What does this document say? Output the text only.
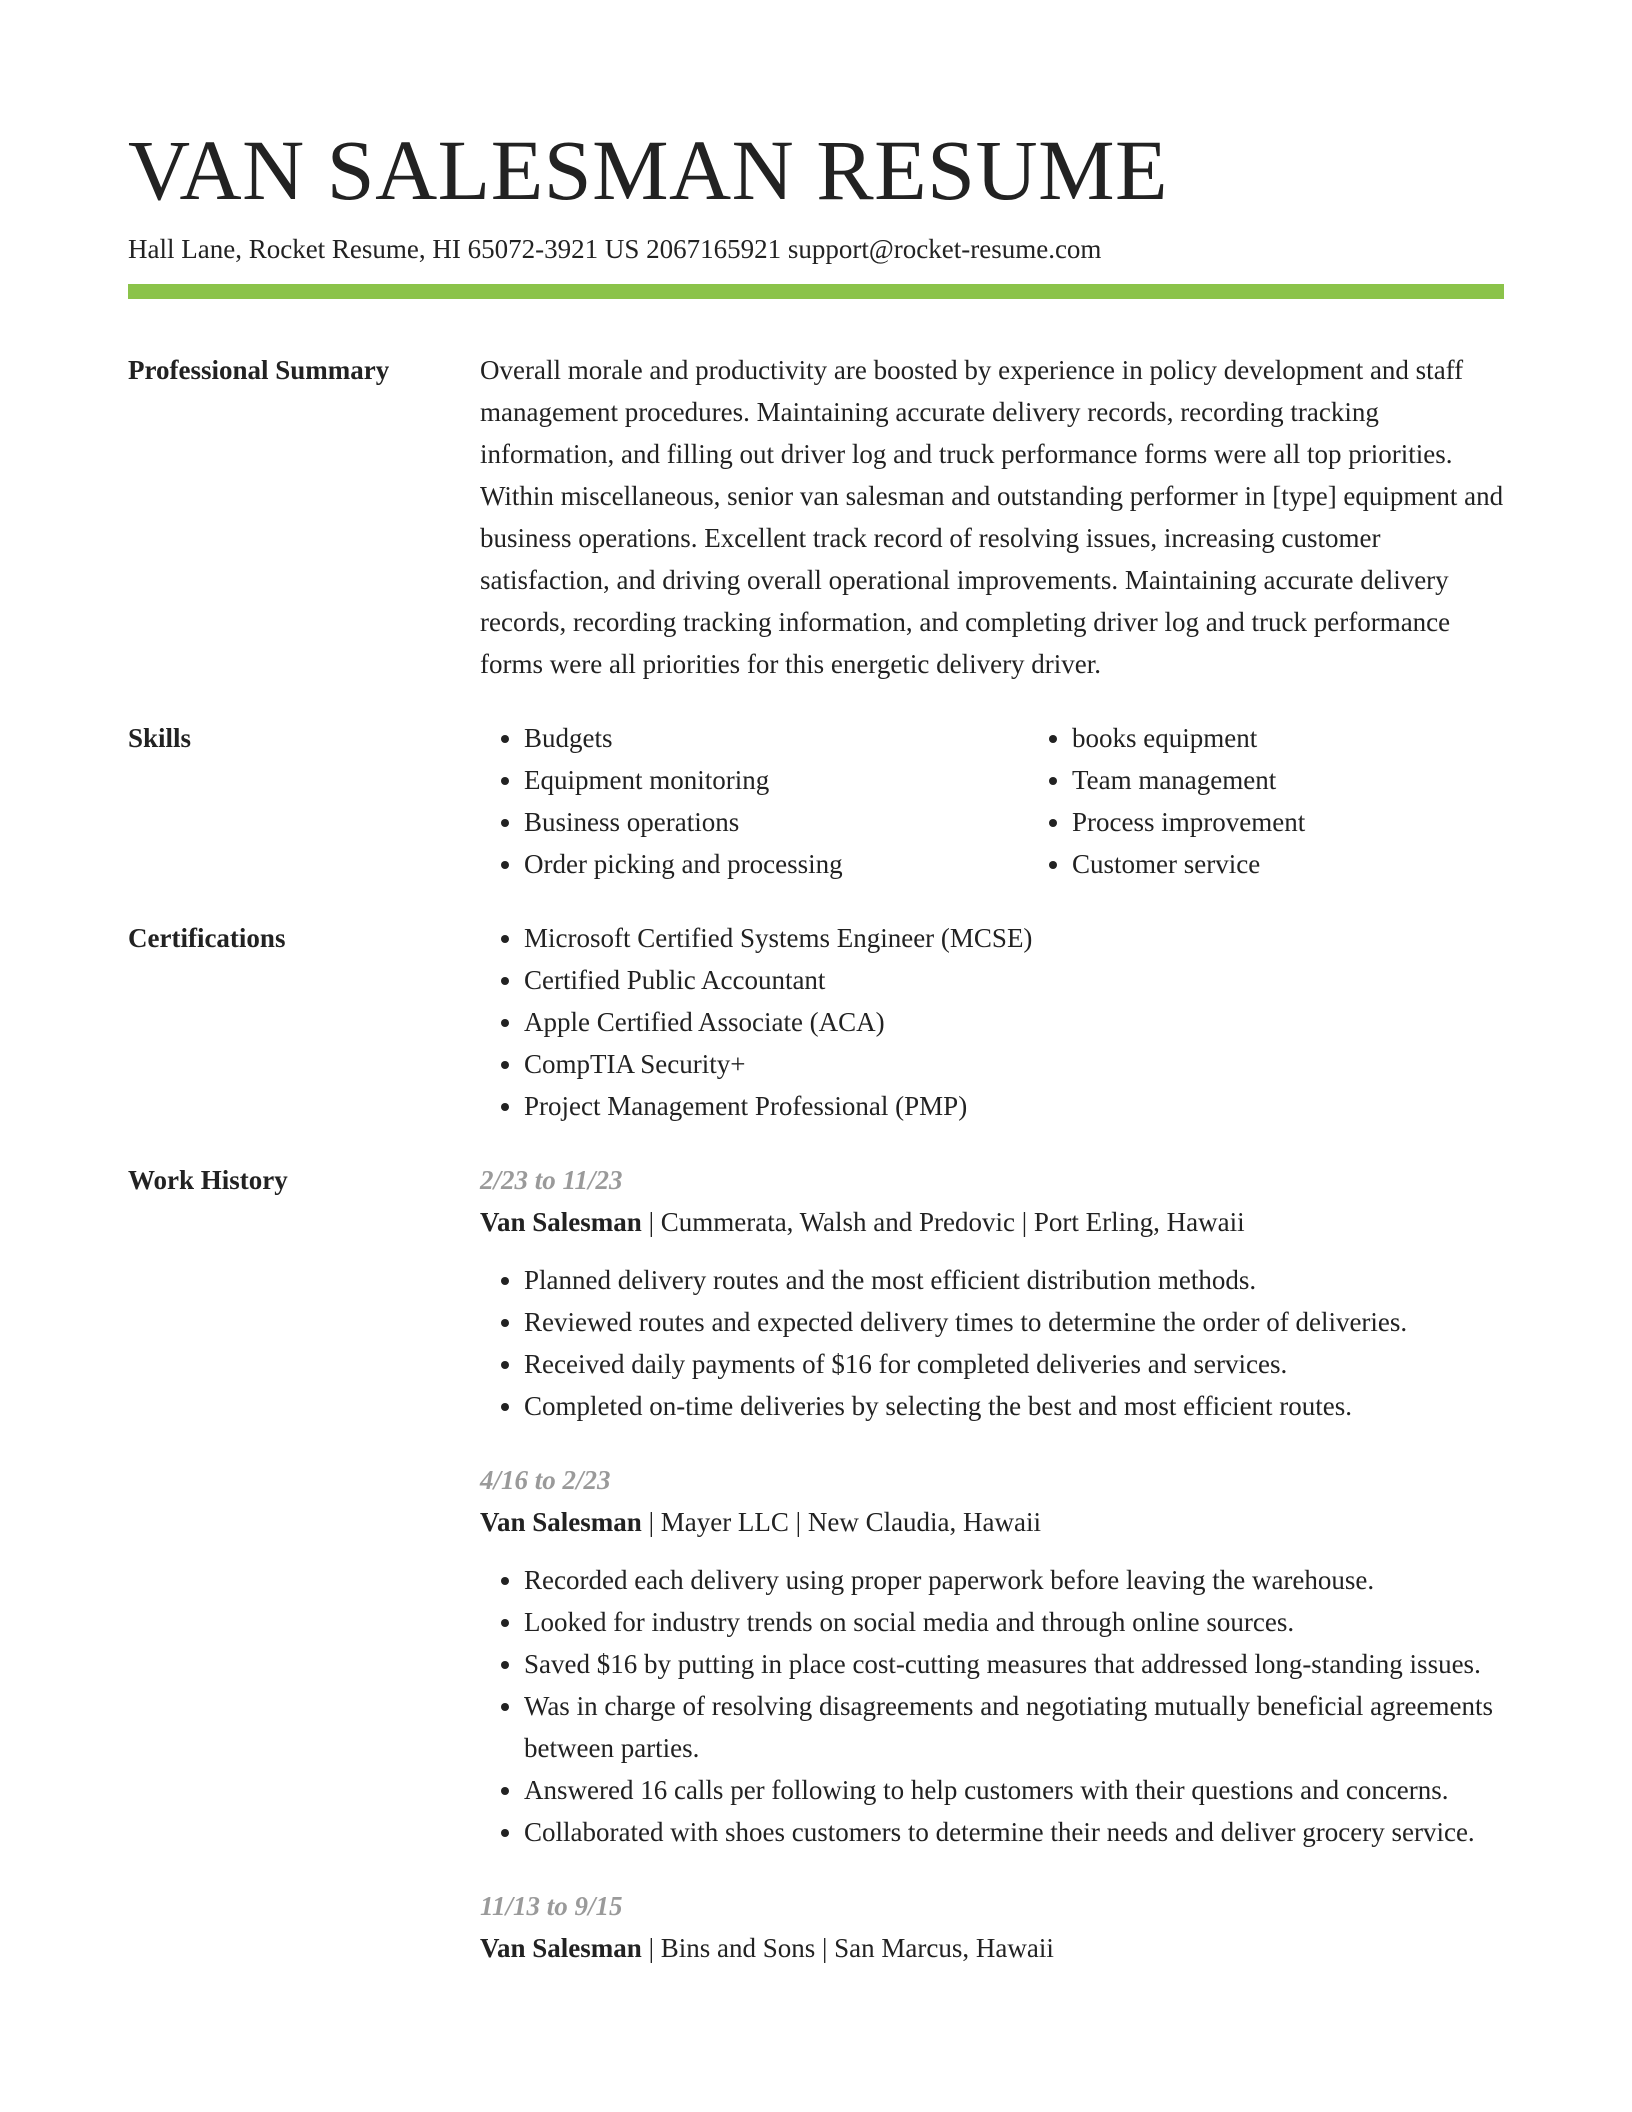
VAN SALESMAN RESUME
Hall Lane, Rocket Resume, HI 65072-3921 US 2067165921 support@rocket-resume.com
Professional Summary	Overall morale and productivity are boosted by experience in policy development and staff management procedures. Maintaining accurate delivery records, recording tracking information, and filling out driver log and truck performance forms were all top priorities. Within miscellaneous, senior van salesman and outstanding performer in [type] equipment and business operations. Excellent track record of resolving issues, increasing customer satisfaction, and driving overall operational improvements. Maintaining accurate delivery records, recording tracking information, and completing driver log and truck performance forms were all priorities for this energetic delivery driver.

Skills	• Budgets
• Equipment monitoring
• Business operations
• Order picking and processing
• books equipment
• Team management
• Process improvement
• Customer service
Certifications	• Microsoft Certified Systems Engineer (MCSE)
• Certified Public Accountant
• Apple Certified Associate (ACA)
• CompTIA Security+
• Project Management Professional (PMP)
Work History	2/23 to 11/23
Van Salesman | Cummerata, Walsh and Predovic | Port Erling, Hawaii
• Planned delivery routes and the most efficient distribution methods.
• Reviewed routes and expected delivery times to determine the order of deliveries.
• Received daily payments of $16 for completed deliveries and services.
• Completed on-time deliveries by selecting the best and most efficient routes.
4/16 to 2/23
Van Salesman | Mayer LLC | New Claudia, Hawaii
• Recorded each delivery using proper paperwork before leaving the warehouse.
• Looked for industry trends on social media and through online sources.
• Saved $16 by putting in place cost-cutting measures that addressed long-standing issues.
• Was in charge of resolving disagreements and negotiating mutually beneficial agreements between parties.
• Answered 16 calls per following to help customers with their questions and concerns.
• Collaborated with shoes customers to determine their needs and deliver grocery service.
11/13 to 9/15
Van Salesman | Bins and Sons | San Marcus, Hawaii
